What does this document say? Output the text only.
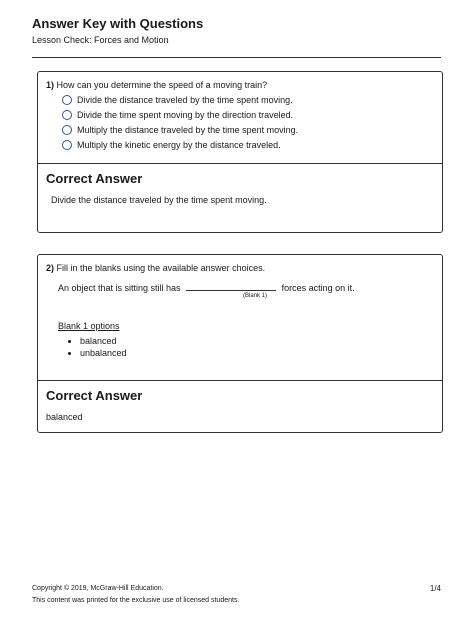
Answer Key with Questions

Lesson Check: Forces and Motion

1) How can you determine the speed of a moving train?
Divide the distance traveled by the time spent moving.
Divide the time spent moving by the direction traveled.
Multiply the distance traveled by the time spent moving.
Multiply the kinetic energy by the distance traveled.
Correct Answer
Divide the distance traveled by the time spent moving.
2) Fill in the blanks using the available answer choices.
An object that is sitting still has	forces acting on it.
(Blank 1)
Blank 1 options
• balanced
• unbalanced
Correct Answer
balanced
Copyright © 2019, McGraw-Hill Education.	1/4
This content was printed for the exclusive use of licensed students.
